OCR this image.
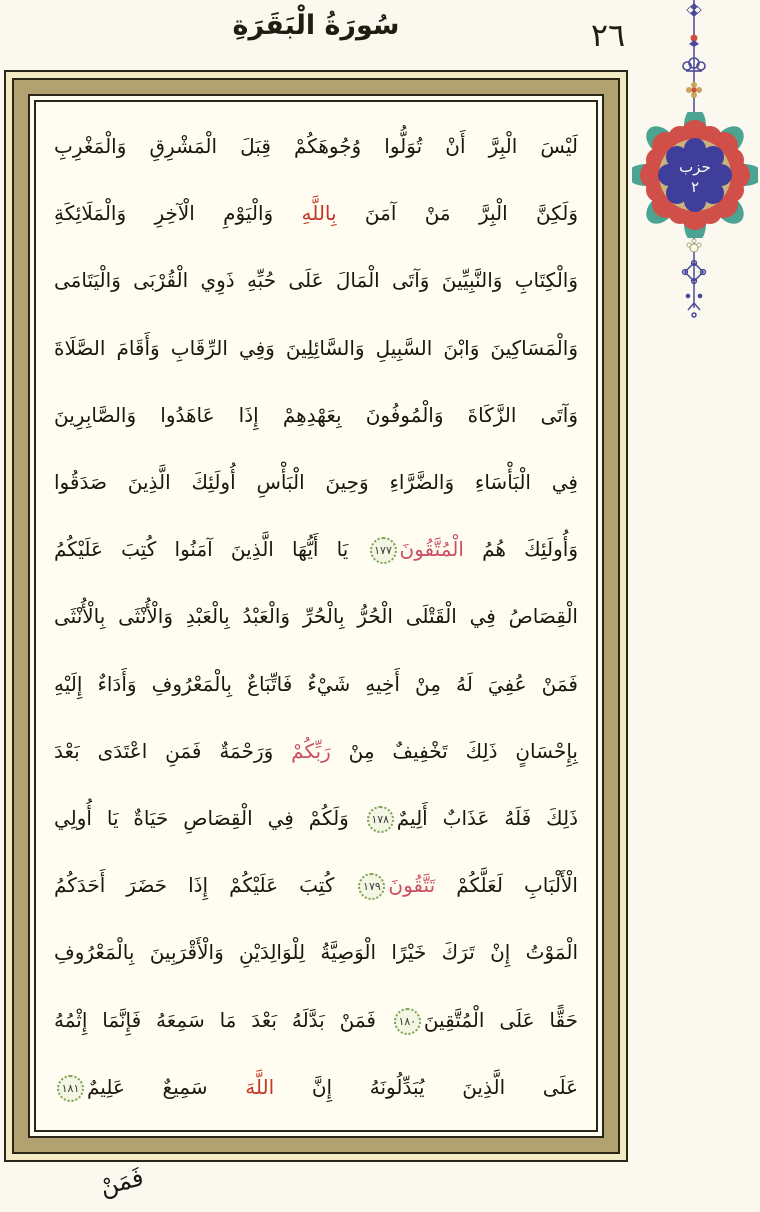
سُورَةُ الْبَقَرَةِ	٢٦
حزب
٢
لَيْسَ الْبِرَّ أَنْ تُوَلُّوا وُجُوهَكُمْ قِبَلَ الْمَشْرِقِ وَالْمَغْرِبِ
وَلَكِنَّ الْبِرَّ مَنْ آمَنَ بِاللَّهِ وَالْيَوْمِ الْآخِرِ وَالْمَلَائِكَةِ
وَالْكِتَابِ وَالنَّبِيِّينَ وَآتَى الْمَالَ عَلَى حُبِّهِ ذَوِي الْقُرْبَى وَالْيَتَامَى
وَالْمَسَاكِينَ وَابْنَ السَّبِيلِ وَالسَّائِلِينَ وَفِي الرِّقَابِ وَأَقَامَ الصَّلَاةَ
وَآتَى الزَّكَاةَ وَالْمُوفُونَ بِعَهْدِهِمْ إِذَا عَاهَدُوا وَالصَّابِرِينَ
فِي الْبَأْسَاءِ وَالضَّرَّاءِ وَحِينَ الْبَأْسِ أُولَئِكَ الَّذِينَ صَدَقُوا
وَأُولَئِكَ هُمُ الْمُتَّقُونَ١٧٧ يَا أَيُّهَا الَّذِينَ آمَنُوا كُتِبَ عَلَيْكُمُ
الْقِصَاصُ فِي الْقَتْلَى الْحُرُّ بِالْحُرِّ وَالْعَبْدُ بِالْعَبْدِ وَالْأُنْثَى بِالْأُنْثَى
فَمَنْ عُفِيَ لَهُ مِنْ أَخِيهِ شَيْءٌ فَاتِّبَاعٌ بِالْمَعْرُوفِ وَأَدَاءٌ إِلَيْهِ
بِإِحْسَانٍ ذَلِكَ تَخْفِيفٌ مِنْ رَبِّكُمْ وَرَحْمَةٌ فَمَنِ اعْتَدَى بَعْدَ
ذَلِكَ فَلَهُ عَذَابٌ أَلِيمٌ١٧٨ وَلَكُمْ فِي الْقِصَاصِ حَيَاةٌ يَا أُولِي
الْأَلْبَابِ لَعَلَّكُمْ تَتَّقُونَ١٧٩ كُتِبَ عَلَيْكُمْ إِذَا حَضَرَ أَحَدَكُمُ
الْمَوْتُ إِنْ تَرَكَ خَيْرًا الْوَصِيَّةُ لِلْوَالِدَيْنِ وَالْأَقْرَبِينَ بِالْمَعْرُوفِ
حَقًّا عَلَى الْمُتَّقِينَ١٨٠ فَمَنْ بَدَّلَهُ بَعْدَ مَا سَمِعَهُ فَإِنَّمَا إِثْمُهُ
عَلَى الَّذِينَ يُبَدِّلُونَهُ إِنَّ اللَّهَ سَمِيعٌ عَلِيمٌ١٨١
فَمَنْ
